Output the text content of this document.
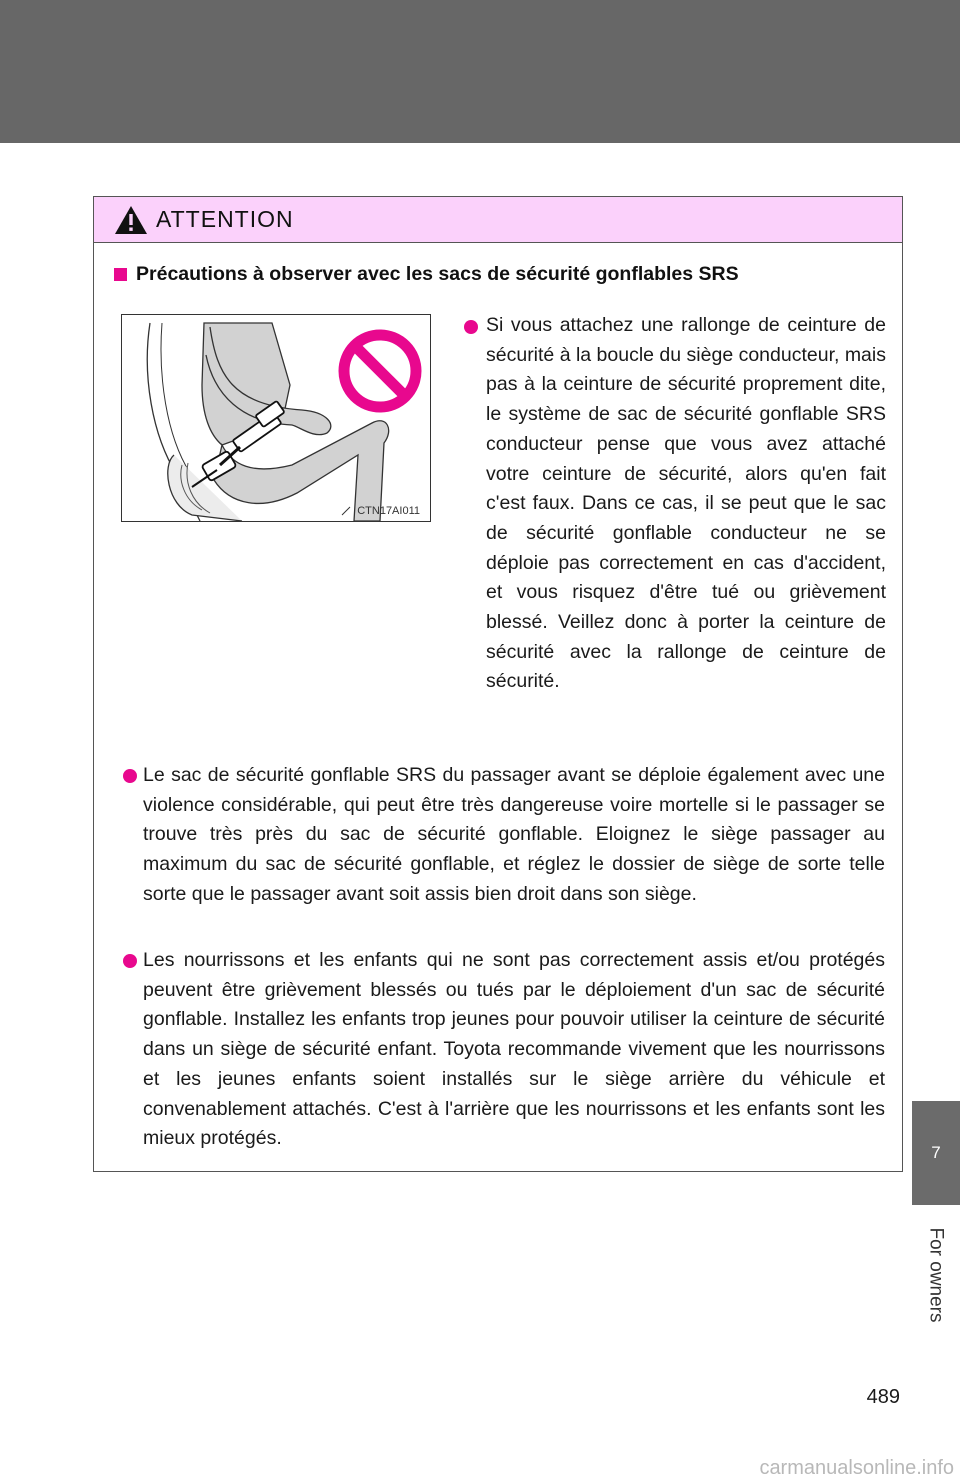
ATTENTION
Précautions à observer avec les sacs de sécurité gonflables SRS
CTN17AI011

Si vous attachez une rallonge de ceinture de sécurité à la boucle du siège conducteur, mais pas à la ceinture de sécurité proprement dite, le système de sac de sécurité gonflable SRS conducteur pense que vous avez attaché votre ceinture de sécurité, alors qu'en fait c'est faux. Dans ce cas, il se peut que le sac de sécurité gonflable conducteur ne se déploie pas correctement en cas d'accident, et vous risquez d'être tué ou grièvement blessé. Veillez donc à porter la ceinture de sécurité avec la rallonge de ceinture de sécurité.

Le sac de sécurité gonflable SRS du passager avant se déploie également avec une violence considérable, qui peut être très dangereuse voire mortelle si le passager se trouve très près du sac de sécurité gonflable. Eloignez le siège passager au maximum du sac de sécurité gonflable, et réglez le dossier de siège de sorte telle sorte que le passager avant soit assis bien droit dans son siège.

Les nourrissons et les enfants qui ne sont pas correctement assis et/ou protégés peuvent être grièvement blessés ou tués par le déploiement d'un sac de sécurité gonflable. Installez les enfants trop jeunes pour pouvoir utiliser la ceinture de sécurité dans un siège de sécurité enfant. Toyota recommande vivement que les nourrissons et les jeunes enfants soient installés sur le siège arrière du véhicule et convenablement attachés. C'est à l'arrière que les nourrissons et les enfants sont les mieux protégés.

7
For owners
489
carmanualsonline.info
